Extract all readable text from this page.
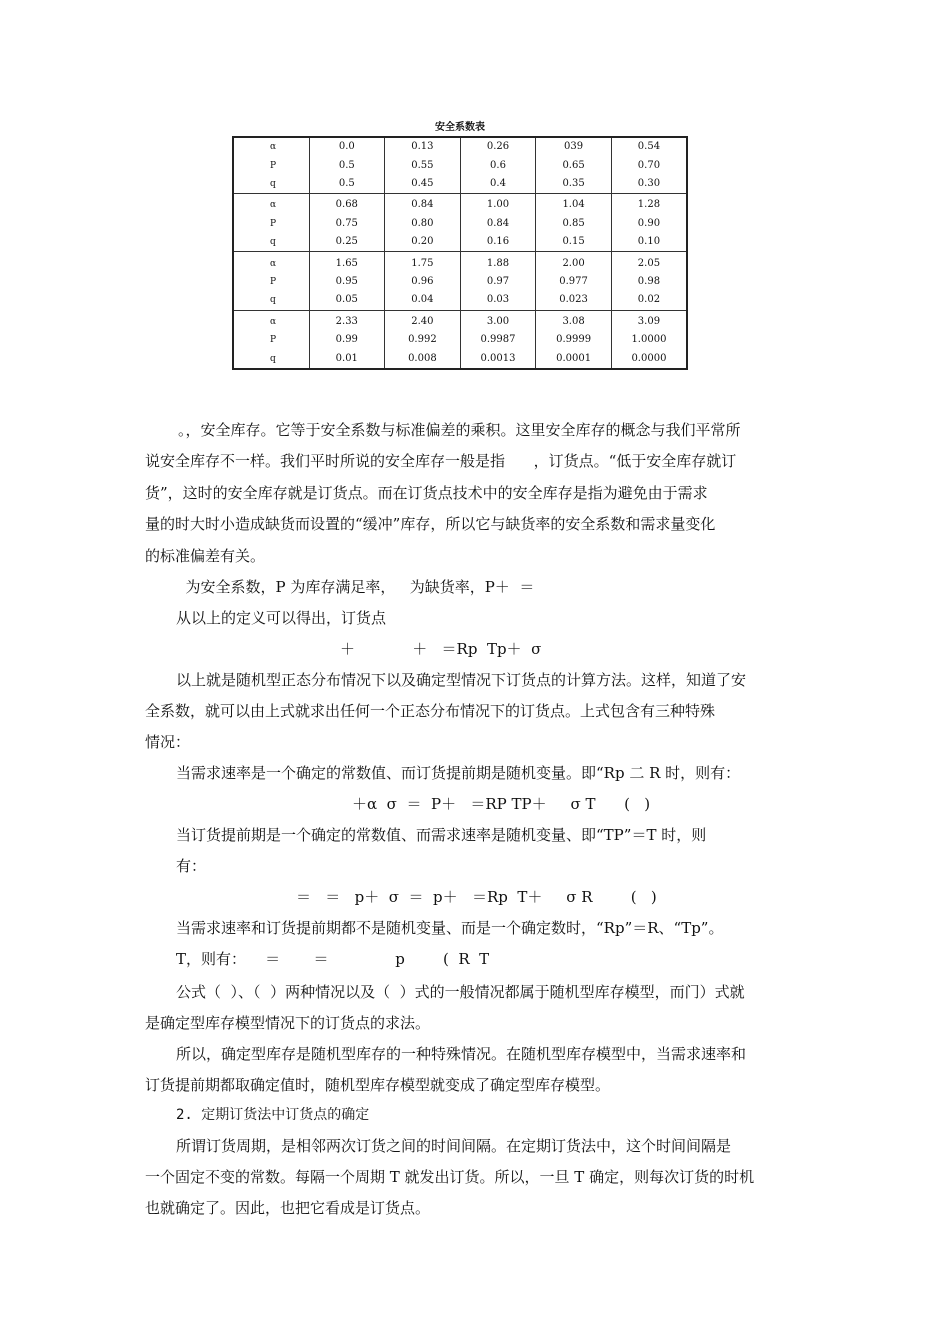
安全系数表
α	0.0	0.13	0.26	039	0.54
P	0.5	0.55	0.6	0.65	0.70
q	0.5	0.45	0.4	0.35	0.30
α	0.68	0.84	1.00	1.04	1.28
P	0.75	0.80	0.84	0.85	0.90
q	0.25	0.20	0.16	0.15	0.10
α	1.65	1.75	1.88	2.00	2.05
P	0.95	0.96	0.97	0.977	0.98
q	0.05	0.04	0.03	0.023	0.02
α	2.33	2.40	3.00	3.08	3.09
P	0.99	0.992	0.9987	0.9999	1.0000
q	0.01	0.008	0.0013	0.0001	0.0000
。，安全库存。它等于安全系数与标准偏差的乘积。这里安全库存的概念与我们平常所
说安全库存不一样。我们平时所说的安全库存一般是指      ，订货点。“低于安全库存就订
货”，这时的安全库存就是订货点。而在订货点技术中的安全库存是指为避免由于需求
量的时大时小造成缺货而设置的“缓冲”库存，所以它与缺货率的安全系数和需求量变化
的标准偏差有关。
为安全系数，P 为库存满足率，   为缺货率，P＋  ＝
从以上的定义可以得出，订货点
＋            ＋   ＝Rp  Tp＋  σ
以上就是随机型正态分布情况下以及确定型情况下订货点的计算方法。这样，知道了安
全系数，就可以由上式就求出任何一个正态分布情况下的订货点。上式包含有三种特殊
情况：
当需求速率是一个确定的常数值、而订货提前期是随机变量。即“Rp 二 R 时，则有：
＋α  σ  ＝  P＋   ＝RP TP＋     σ T      (   )
当订货提前期是一个确定的常数值、而需求速率是随机变量、即“TP”＝T 时，则
有：
＝   ＝   p＋  σ  ＝  p＋   ＝Rp  T＋     σ R        (   )
当需求速率和订货提前期都不是随机变量、而是一个确定数时，“Rp”＝R、“Tp”。
T，则有：    ＝       ＝              p        (  R  T
公式（  ）、（  ）两种情况以及（  ）式的一般情况都属于随机型库存模型，而门）式就
是确定型库存模型情况下的订货点的求法。
所以，确定型库存是随机型库存的一种特殊情况。在随机型库存模型中，当需求速率和
订货提前期都取确定值时，随机型库存模型就变成了确定型库存模型。
2. 定期订货法中订货点的确定
所谓订货周期，是相邻两次订货之间的时间间隔。在定期订货法中，这个时间间隔是
一个固定不变的常数。每隔一个周期 T 就发出订货。所以，一旦 T 确定，则每次订货的时机
也就确定了。因此，也把它看成是订货点。
